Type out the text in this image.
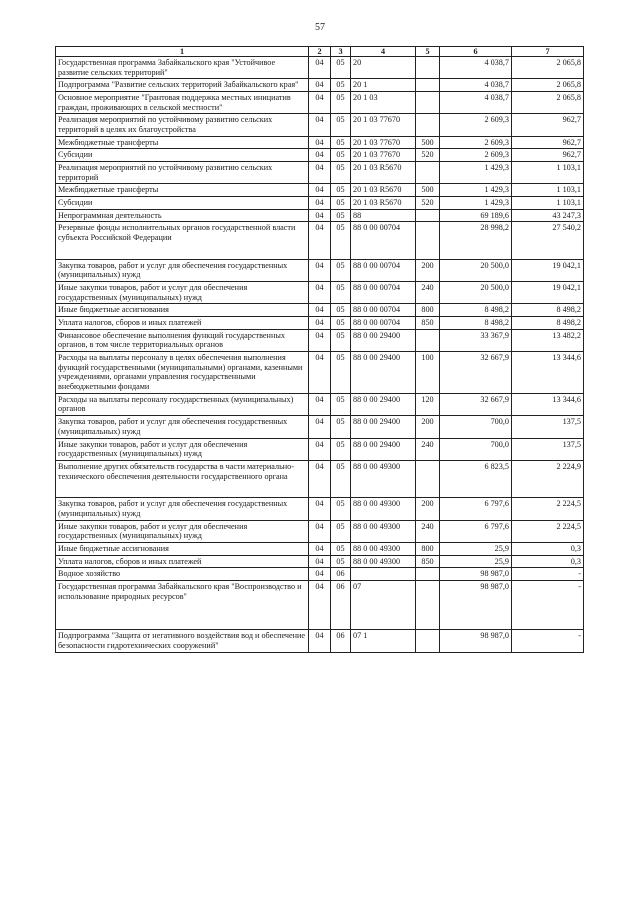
57
1	2	3	4	5	6	7
Государственная программа Забайкальского края "Устойчивое развитие сельских территорий"	04	05	20		4 038,7	2 065,8
Подпрограмма "Развитие сельских территорий Забайкальского края"	04	05	20 1		4 038,7	2 065,8
Основное мероприятие "Грантовая поддержка местных инициатив граждан, проживающих в сельской местности"	04	05	20 1 03		4 038,7	2 065,8
Реализация мероприятий по устойчивому развитию сельских территорий в целях их благоустройства	04	05	20 1 03 77670		2 609,3	962,7
Межбюджетные трансферты	04	05	20 1 03 77670	500	2 609,3	962,7
Субсидии	04	05	20 1 03 77670	520	2 609,3	962,7
Реализация мероприятий по устойчивому развитию сельских территорий	04	05	20 1 03 R5670		1 429,3	1 103,1
Межбюджетные трансферты	04	05	20 1 03 R5670	500	1 429,3	1 103,1
Субсидии	04	05	20 1 03 R5670	520	1 429,3	1 103,1
Непрограммная деятельность	04	05	88		69 189,6	43 247,3
Резервные фонды исполнительных органов государственной власти субъекта Российской Федерации	04	05	88 0 00 00704		28 998,2	27 540,2
Закупка товаров, работ и услуг для обеспечения государственных (муниципальных) нужд	04	05	88 0 00 00704	200	20 500,0	19 042,1
Иные закупки товаров, работ и услуг для обеспечения государственных (муниципальных) нужд	04	05	88 0 00 00704	240	20 500,0	19 042,1
Иные бюджетные ассигнования	04	05	88 0 00 00704	800	8 498,2	8 498,2
Уплата налогов, сборов и иных платежей	04	05	88 0 00 00704	850	8 498,2	8 498,2
Финансовое обеспечение выполнения функций государственных органов, в том числе территориальных органов	04	05	88 0 00 29400		33 367,9	13 482,2
Расходы на выплаты персоналу в целях обеспечения выполнения функций государственными (муниципальными) органами, казенными учреждениями, органами управления государственными внебюджетными фондами	04	05	88 0 00 29400	100	32 667,9	13 344,6
Расходы на выплаты персоналу государственных (муниципальных) органов	04	05	88 0 00 29400	120	32 667,9	13 344,6
Закупка товаров, работ и услуг для обеспечения государственных (муниципальных) нужд	04	05	88 0 00 29400	200	700,0	137,5
Иные закупки товаров, работ и услуг для обеспечения государственных (муниципальных) нужд	04	05	88 0 00 29400	240	700,0	137,5
Выполнение других обязательств государства в части материально-технического обеспечения деятельности государственного органа	04	05	88 0 00 49300		6 823,5	2 224,9
Закупка товаров, работ и услуг для обеспечения государственных (муниципальных) нужд	04	05	88 0 00 49300	200	6 797,6	2 224,5
Иные закупки товаров, работ и услуг для обеспечения государственных (муниципальных) нужд	04	05	88 0 00 49300	240	6 797,6	2 224,5
Иные бюджетные ассигнования	04	05	88 0 00 49300	800	25,9	0,3
Уплата налогов, сборов и иных платежей	04	05	88 0 00 49300	850	25,9	0,3
Водное хозяйство	04	06			98 987,0	-
Государственная программа Забайкальского края "Воспроизводство и использование природных ресурсов"	04	06	07		98 987,0	-
Подпрограмма "Защита от негативного воздействия вод и обеспечение безопасности гидротехнических сооружений"	04	06	07 1		98 987,0	-
